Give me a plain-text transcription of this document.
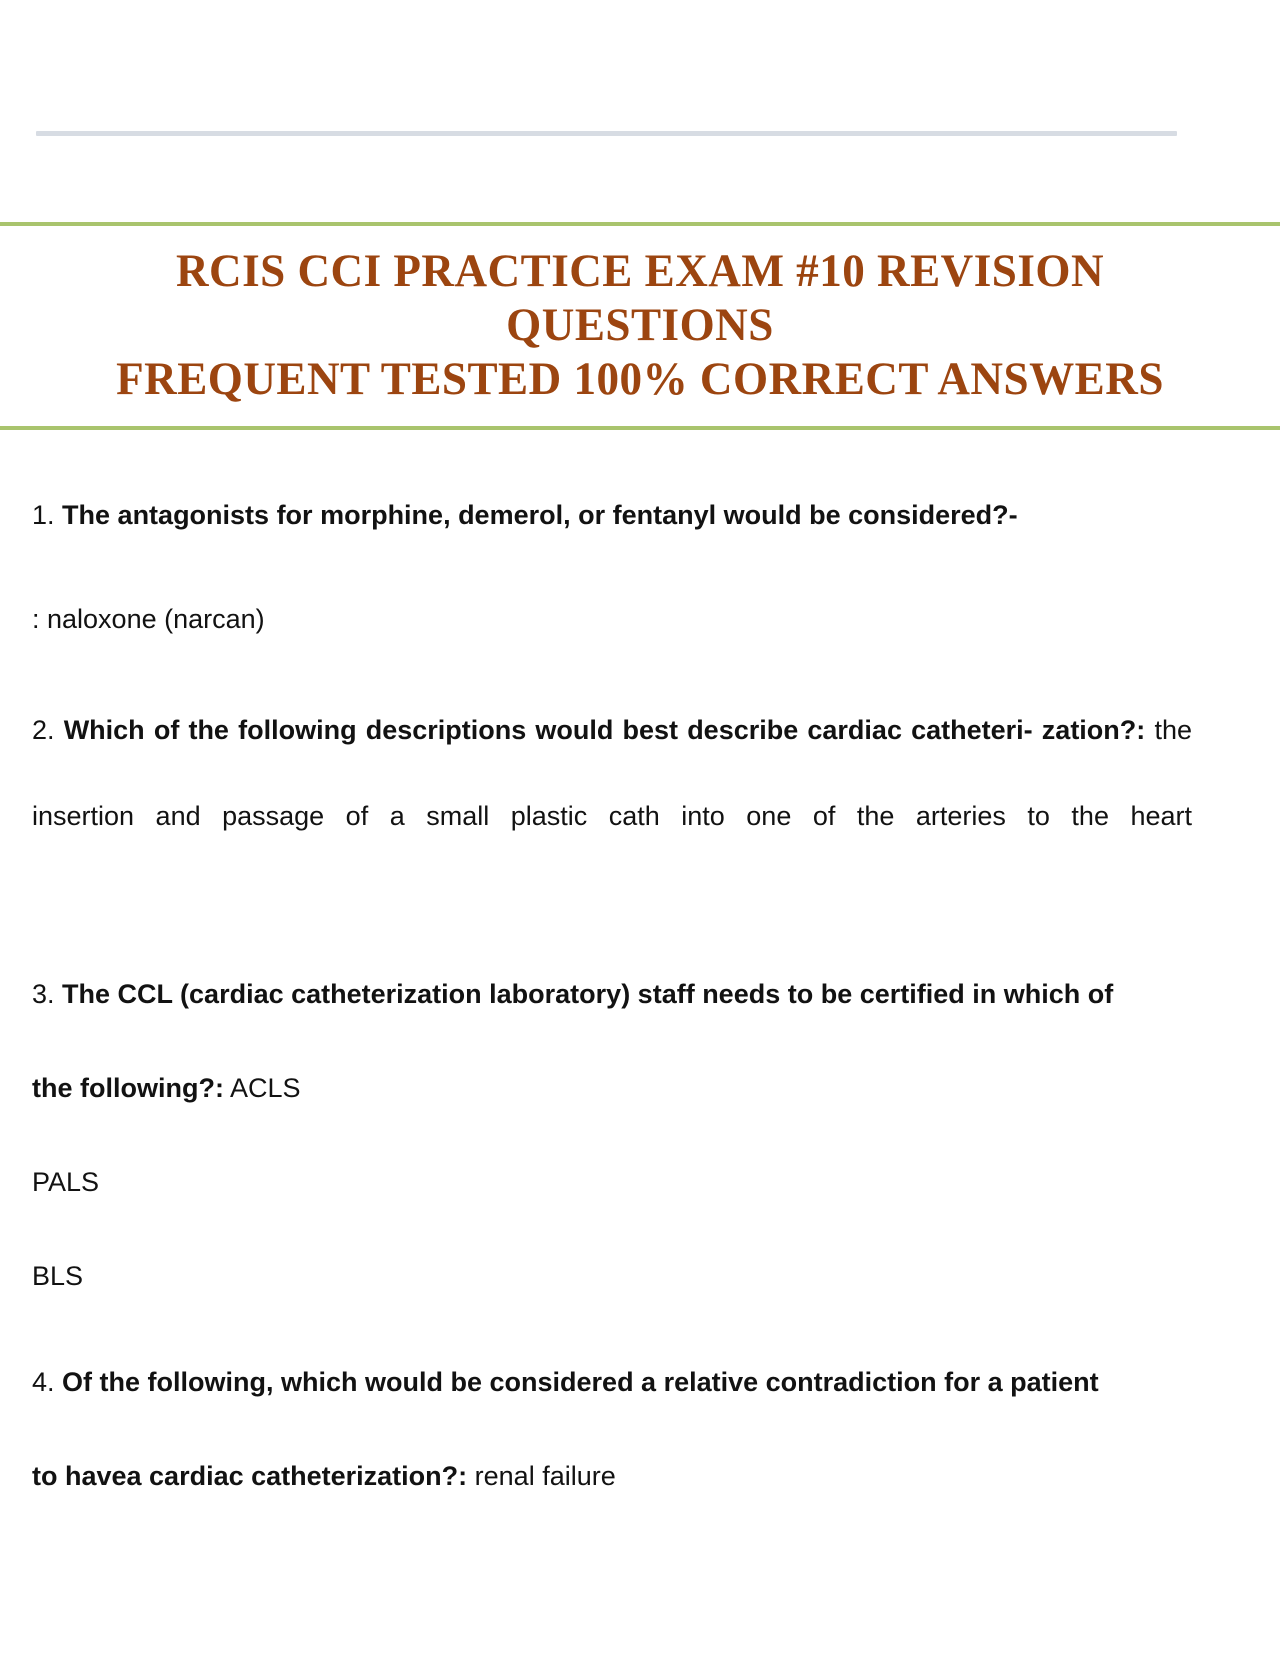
RCIS CCI PRACTICE EXAM #10 REVISION QUESTIONS
FREQUENT TESTED 100% CORRECT ANSWERS

1. The antagonists for morphine, demerol, or fentanyl would be considered?-

: naloxone (narcan)

2. Which of the following descriptions would best describe cardiac catheteri- zation?: the insertion and passage of a small plastic cath into one of the arteries to the heart

3. The CCL (cardiac catheterization laboratory) staff needs to be certified in which of

the following?: ACLS

PALS

BLS

4. Of the following, which would be considered a relative contradiction for a patient

to havea cardiac catheterization?: renal failure
